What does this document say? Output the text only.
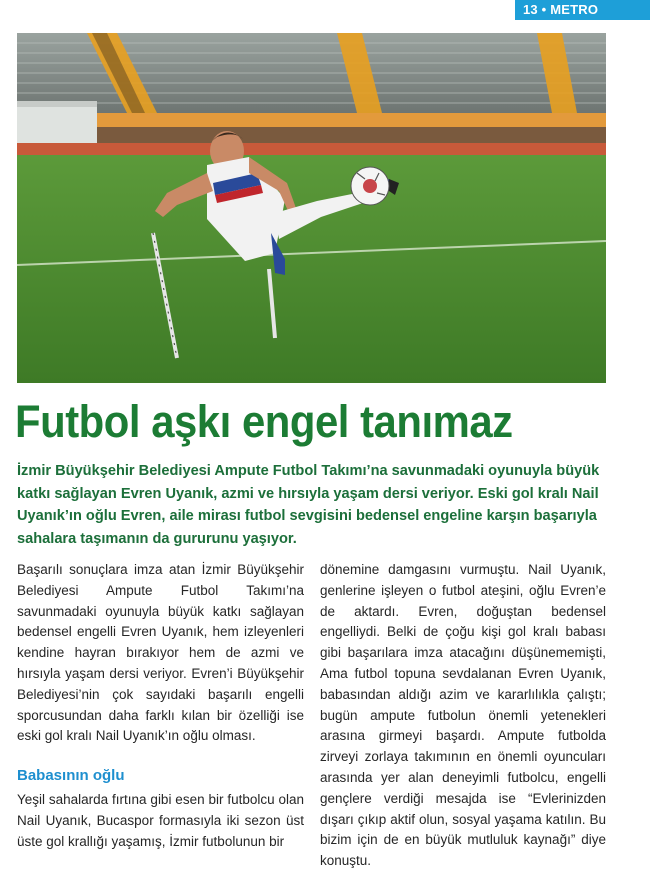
13 • METRO
Futbol aşkı engel tanımaz
İzmir Büyükşehir Belediyesi Ampute Futbol Takımı’na savunmadaki oyunuyla büyük katkı sağlayan Evren Uyanık, azmi ve hırsıyla yaşam dersi veriyor. Eski gol kralı Nail Uyanık’ın oğlu Evren, aile mirası futbol sevgisini bedensel engeline karşın başarıyla sahalara taşımanın da gururunu yaşıyor.
Başarılı sonuçlara imza atan İzmir Büyükşehir Belediyesi Ampute Futbol Takımı’na savunmadaki oyunuyla büyük katkı sağlayan bedensel engelli Evren Uyanık, hem izleyenleri kendine hayran bırakıyor hem de azmi ve hırsıyla yaşam dersi veriyor. Evren’i Büyükşehir Belediyesi’nin çok sayıdaki başarılı engelli sporcusundan daha farklı kılan bir özelliği ise eski gol kralı Nail Uyanık’ın oğlu olması.
Babasının oğlu
Yeşil sahalarda fırtına gibi esen bir futbolcu olan Nail Uyanık, Bucaspor formasıyla iki sezon üst üste gol krallığı yaşamış, İzmir futbolunun bir
dönemine damgasını vurmuştu. Nail Uyanık, genlerine işleyen o futbol ateşini, oğlu Evren’e de aktardı. Evren, doğuştan bedensel engelliydi. Belki de çoğu kişi gol kralı babası gibi başarılara imza atacağını düşünememişti, Ama futbol topuna sevdalanan Evren Uyanık, babasından aldığı azim ve kararlılıkla çalıştı; bugün ampute futbolun önemli yetenekleri arasına girmeyi başardı. Ampute futbolda zirveyi zorlaya takımının en önemli oyuncuları arasında yer alan deneyimli futbolcu, engelli gençlere verdiği mesajda ise “Evlerinizden dışarı çıkıp aktif olun, sosyal yaşama katılın. Bu bizim için de en büyük mutluluk kaynağı” diye konuştu.
